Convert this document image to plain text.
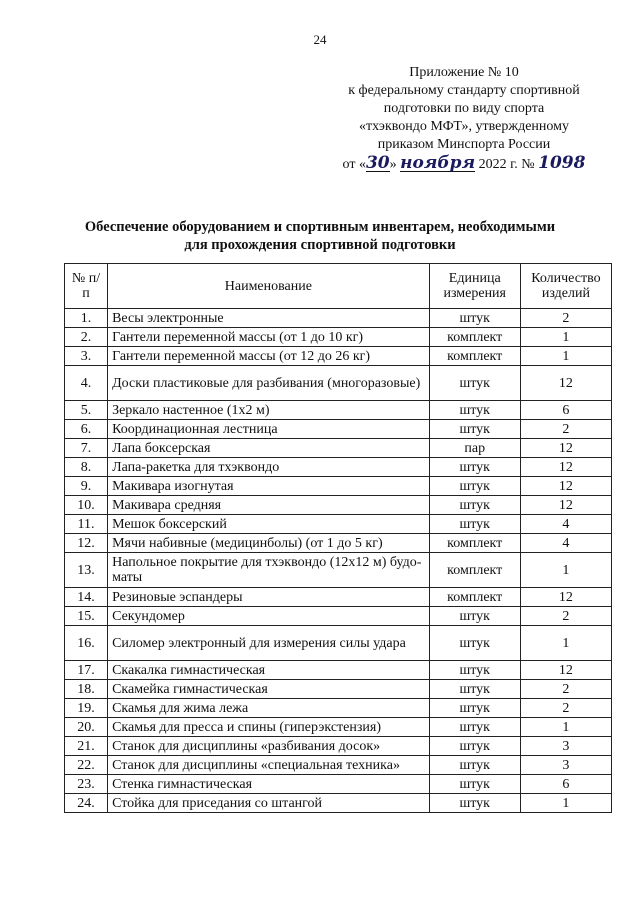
24
Приложение № 10
к федеральному стандарту спортивной
подготовки по виду спорта
«тхэквондо МФТ», утвержденному
приказом Минспорта России
от «30» ноября 2022 г. № 1098
Обеспечение оборудованием и спортивным инвентарем, необходимыми
для прохождения спортивной подготовки
№ п/п	Наименование	Единица измерения	Количество изделий
1.	Весы электронные	штук	2
2.	Гантели переменной массы (от 1 до 10 кг)	комплект	1
3.	Гантели переменной массы (от 12 до 26 кг)	комплект	1
4.	Доски пластиковые для разбивания (многоразовые)	штук	12
5.	Зеркало настенное (1х2 м)	штук	6
6.	Координационная лестница	штук	2
7.	Лапа боксерская	пар	12
8.	Лапа-ракетка для тхэквондо	штук	12
9.	Макивара изогнутая	штук	12
10.	Макивара средняя	штук	12
11.	Мешок боксерский	штук	4
12.	Мячи набивные (медицинболы) (от 1 до 5 кг)	комплект	4
13.	Напольное покрытие для тхэквондо (12х12 м) будо-маты	комплект	1
14.	Резиновые эспандеры	комплект	12
15.	Секундомер	штук	2
16.	Силомер электронный для измерения силы удара	штук	1
17.	Скакалка гимнастическая	штук	12
18.	Скамейка гимнастическая	штук	2
19.	Скамья для жима лежа	штук	2
20.	Скамья для пресса и спины (гиперэкстензия)	штук	1
21.	Станок для дисциплины «разбивания досок»	штук	3
22.	Станок для дисциплины «специальная техника»	штук	3
23.	Стенка гимнастическая	штук	6
24.	Стойка для приседания со штангой	штук	1
